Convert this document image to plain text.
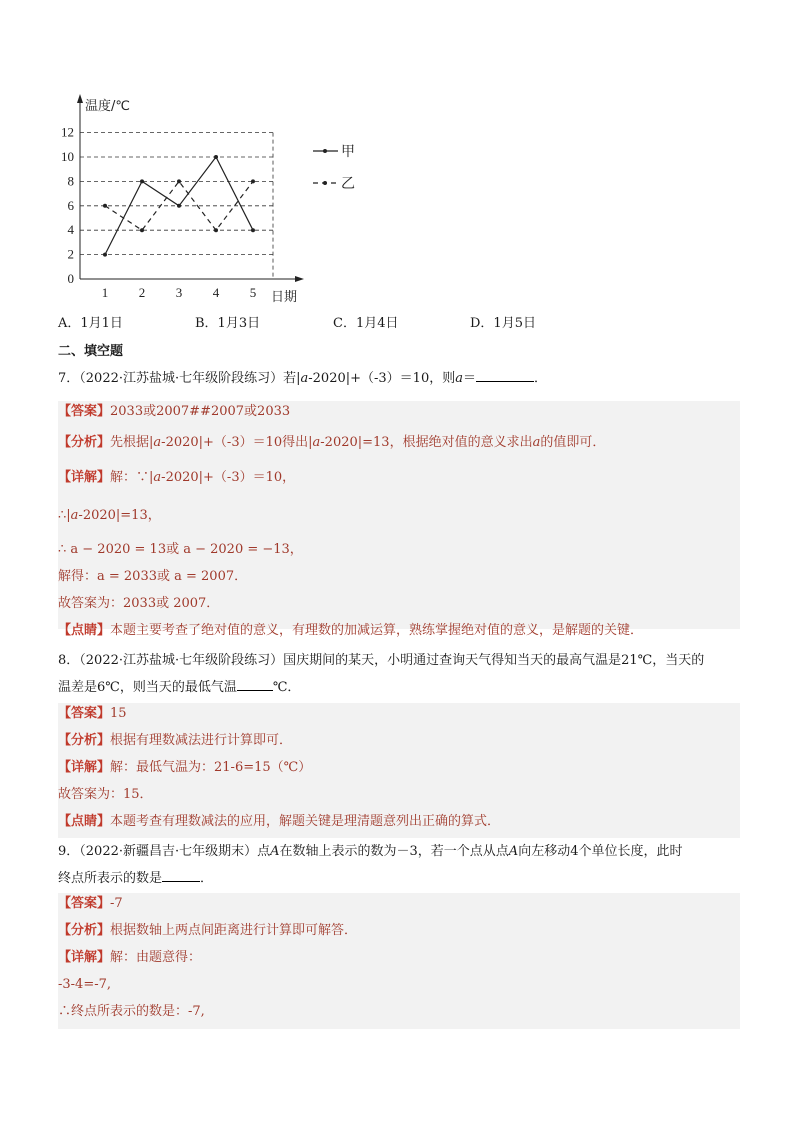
0
2
4
6
8
10
12
1 2 3 4 5
温度/℃
日期
甲
乙
A．1月1日	B．1月3日	C．1月4日	D．1月5日
二、填空题
7．（2022·江苏盐城·七年级阶段练习）若|a-2020|+（-3）＝10，则a＝	．
【答案】2033或2007##2007或2033
【分析】先根据|a-2020|+（-3）＝10得出|a-2020|=13，根据绝对值的意义求出a的值即可．
【详解】解：∵|a-2020|+（-3）＝10，
∴|a-2020|=13，
∴ a − 2020 = 13或 a − 2020 = −13，
解得：a = 2033或 a = 2007．
故答案为：2033或 2007．
【点睛】本题主要考查了绝对值的意义，有理数的加减运算，熟练掌握绝对值的意义，是解题的关键．
8．（2022·江苏盐城·七年级阶段练习）国庆期间的某天，小明通过查询天气得知当天的最高气温是21℃，当天的
温差是6℃，则当天的最低气温	℃．
【答案】15
【分析】根据有理数减法进行计算即可．
【详解】解：最低气温为：21-6=15（℃）
故答案为：15．
【点睛】本题考查有理数减法的应用，解题关键是理清题意列出正确的算式．
9．（2022·新疆昌吉·七年级期末）点A在数轴上表示的数为－3，若一个点从点A向左移动4个单位长度，此时
终点所表示的数是	．
【答案】-7
【分析】根据数轴上两点间距离进行计算即可解答．
【详解】解：由题意得：
-3-4=-7,
∴终点所表示的数是：-7,
